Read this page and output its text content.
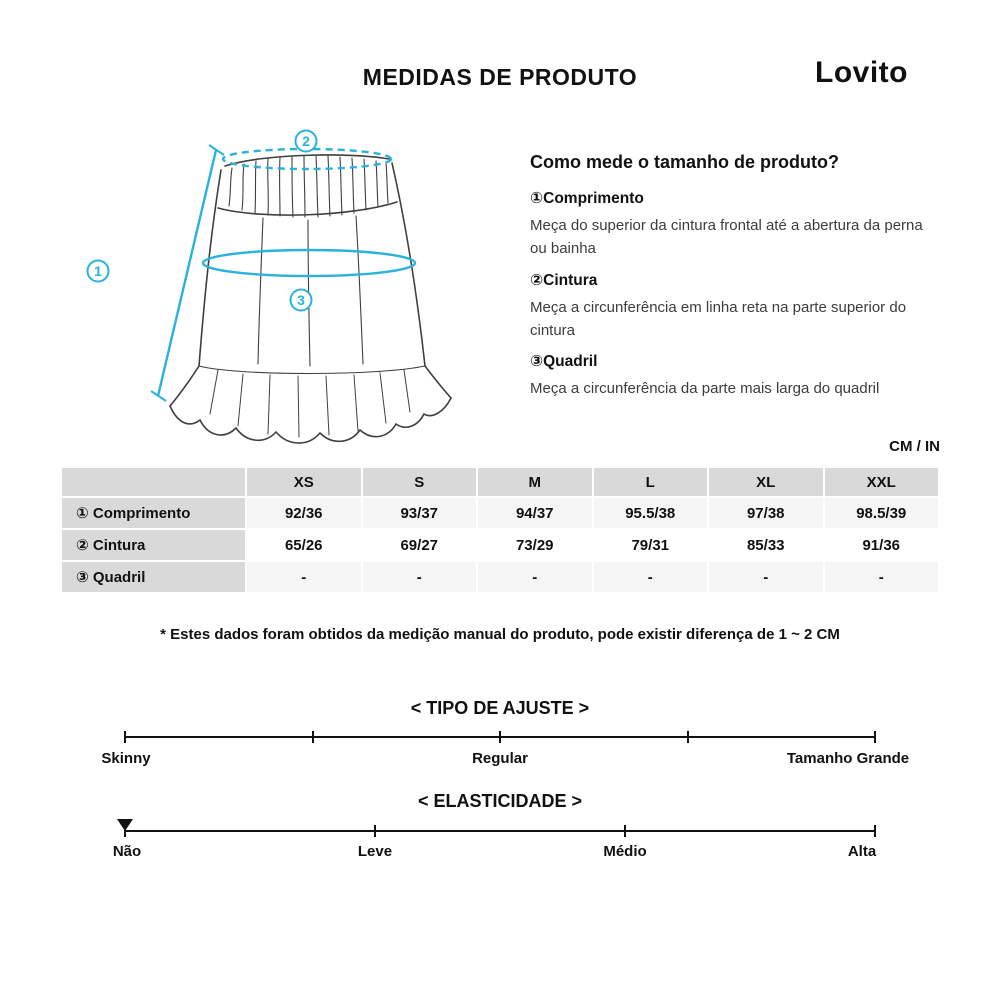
MEDIDAS DE PRODUTO	Lovito
2
1
3
Como mede o tamanho de produto?
①Comprimento

Meça do superior da cintura frontal até a abertura da perna ou bainha

②Cintura

Meça a circunferência em linha reta na parte superior do cintura

③Quadril

Meça a circunferência da parte mais larga do quadril

CM / IN
	XS	S	M	L	XL	XXL
① Comprimento	92/36	93/37	94/37	95.5/38	97/38	98.5/39
② Cintura	65/26	69/27	73/29	79/31	85/33	91/36
③ Quadril	-	-	-	-	-	-
* Estes dados foram obtidos da medição manual do produto, pode existir diferença de 1 ~ 2 CM
< TIPO DE AJUSTE >
Skinny	Regular	Tamanho Grande
< ELASTICIDADE >
Não	Leve	Médio	Alta
